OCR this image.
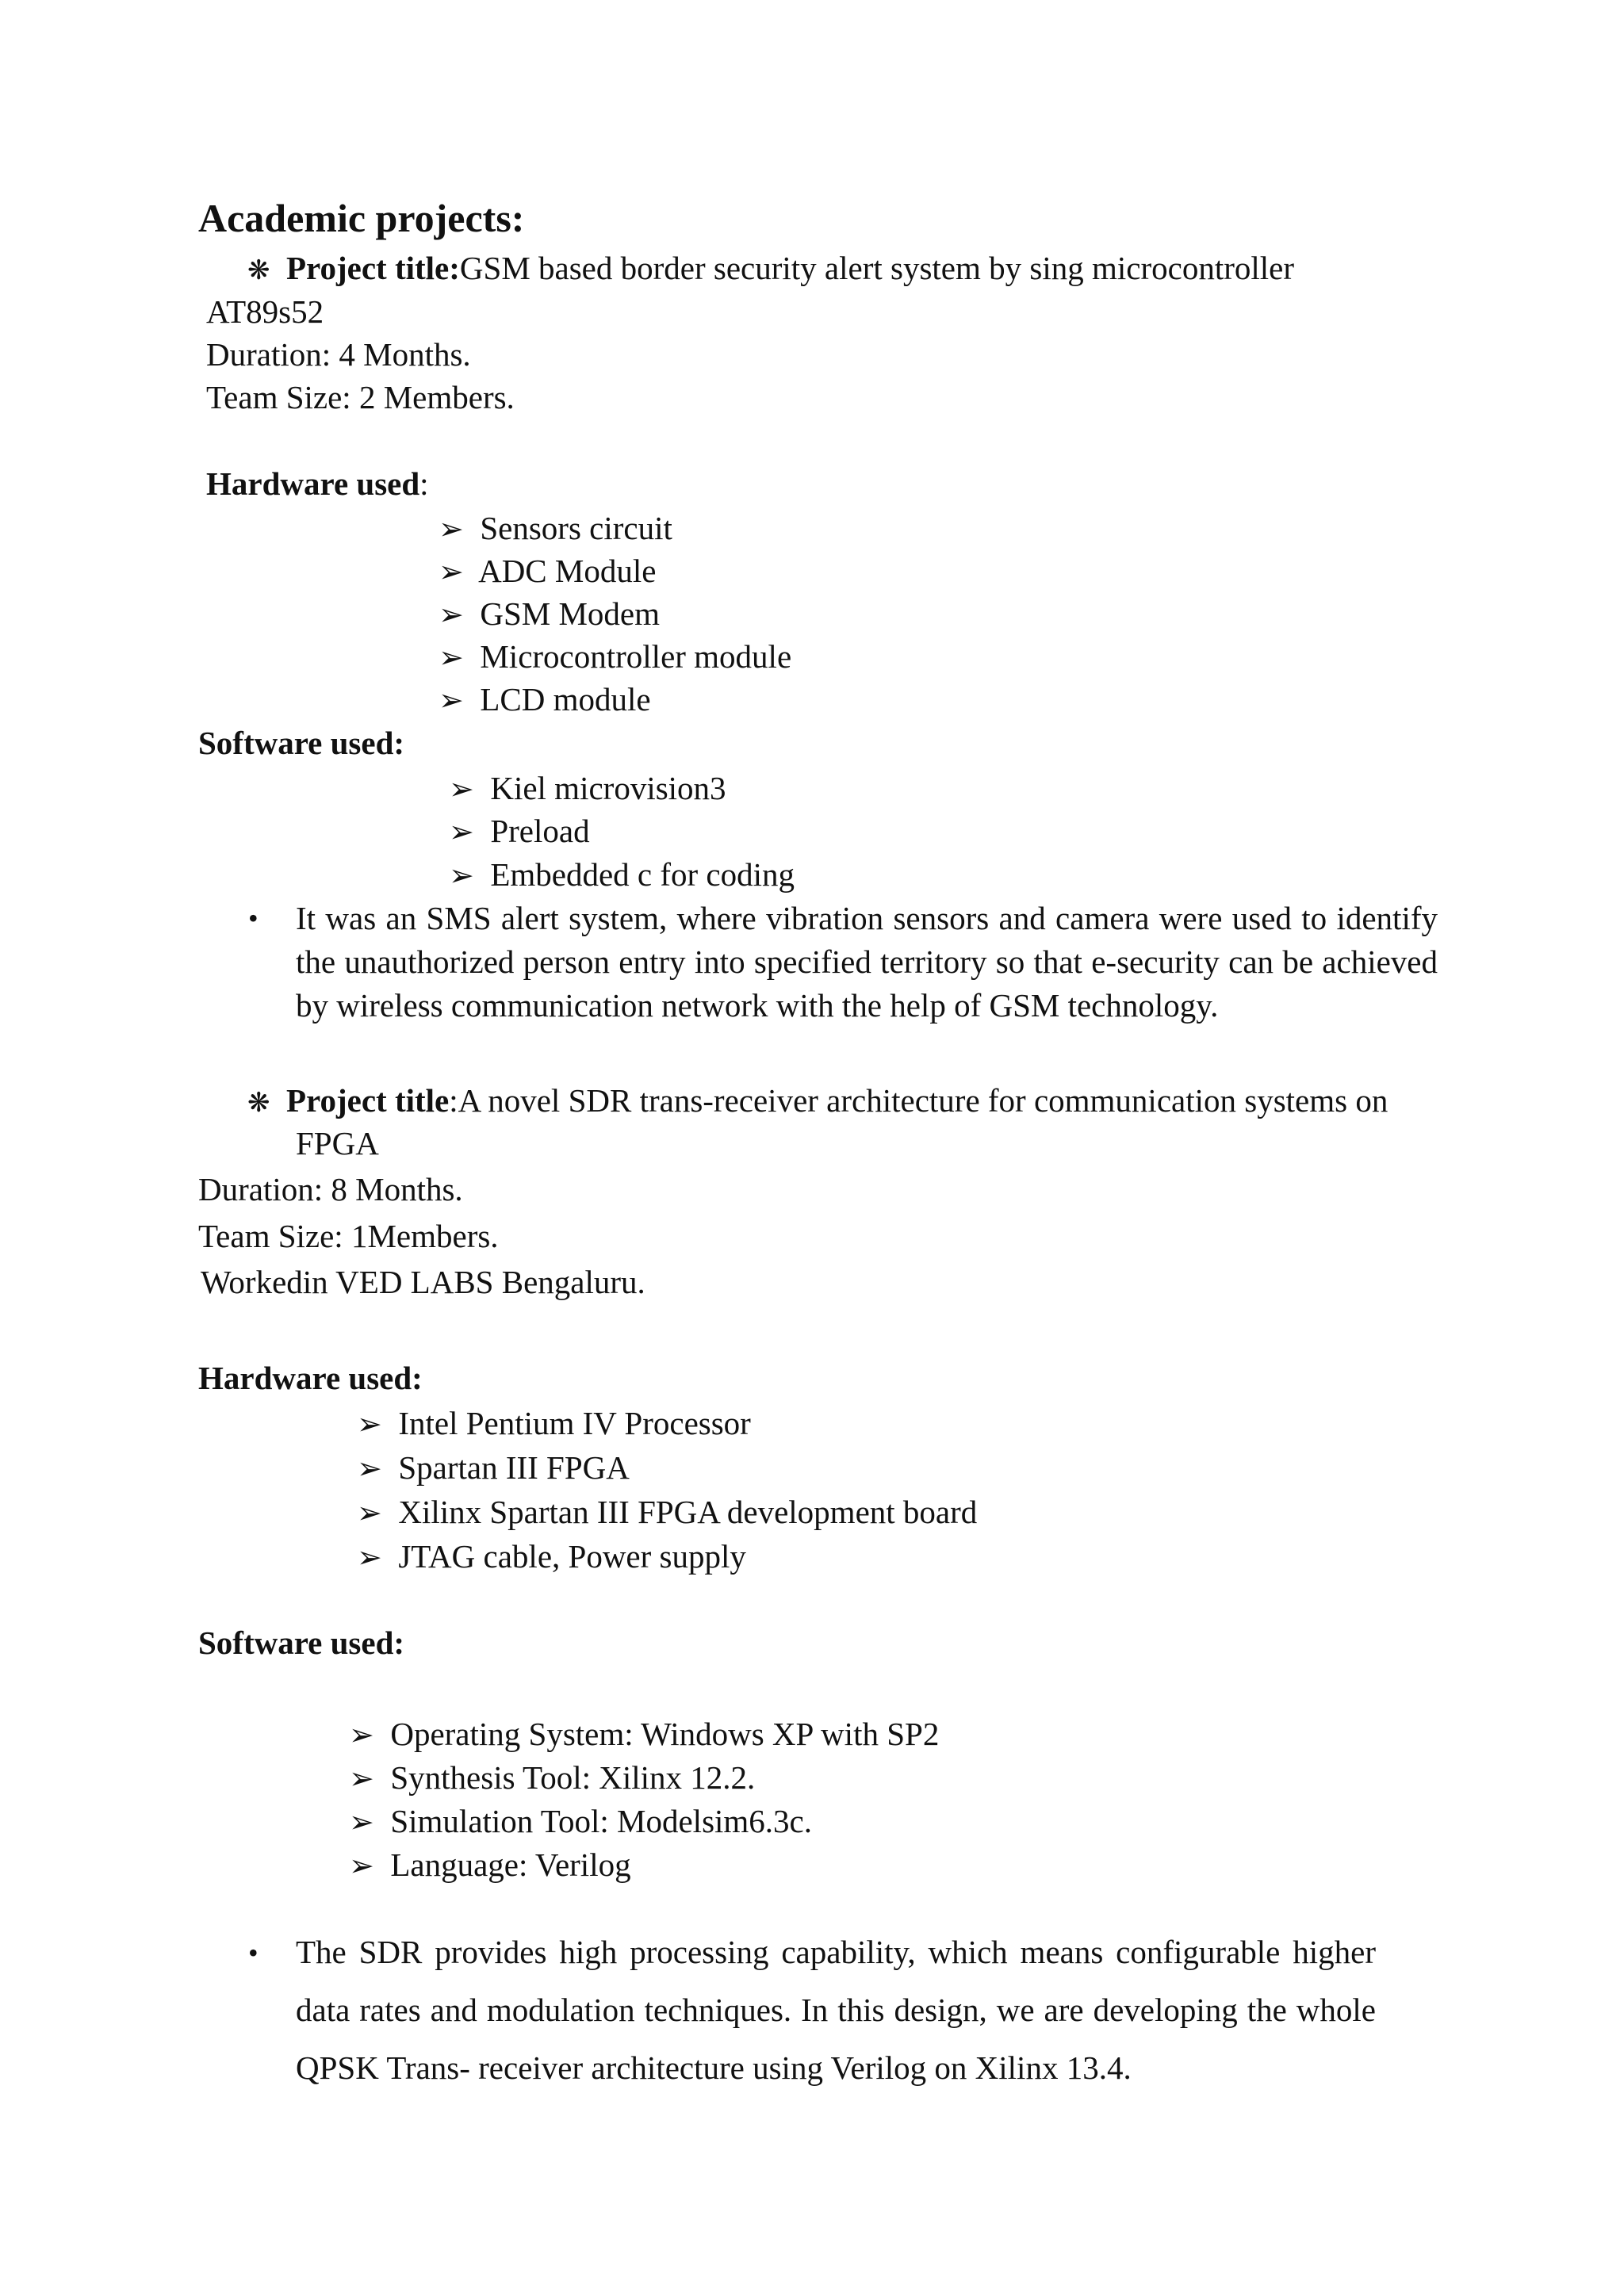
Academic projects:
❋ Project title:GSM based border security alert system by sing microcontroller
AT89s52
Duration: 4 Months.
Team Size: 2 Members.
Hardware used:
➢ Sensors circuit
➢ ADC Module
➢ GSM Modem
➢ Microcontroller module
➢ LCD module
Software used:
➢ Kiel microvision3
➢ Preload
➢ Embedded c for coding
• It was an SMS alert system, where vibration sensors and camera were used to identify the unauthorized person entry into specified territory so that e-security can be achieved by wireless communication network with the help of GSM technology.
❋ Project title:A novel SDR trans-receiver architecture for communication systems on
FPGA
Duration: 8 Months.
Team Size: 1Members.
Workedin VED LABS Bengaluru.
Hardware used:
➢ Intel Pentium IV Processor
➢ Spartan III FPGA
➢ Xilinx Spartan III FPGA development board
➢ JTAG cable, Power supply
Software used:
➢ Operating System: Windows XP with SP2
➢ Synthesis Tool: Xilinx 12.2.
➢ Simulation Tool: Modelsim6.3c.
➢ Language: Verilog
• The SDR provides high processing capability, which means configurable higher data rates and modulation techniques. In this design, we are developing the whole QPSK Trans- receiver architecture using Verilog on Xilinx 13.4.
